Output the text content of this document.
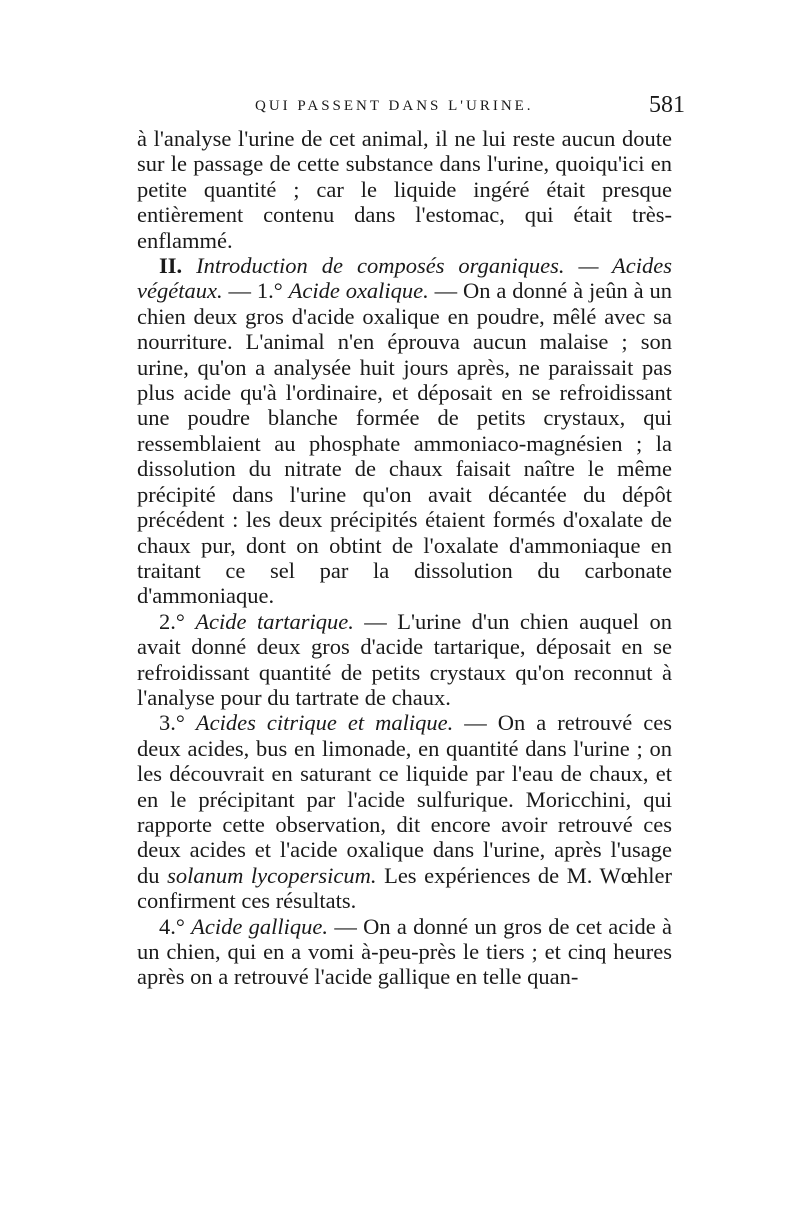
QUI PASSENT DANS L'URINE.	581

à l'analyse l'urine de cet animal, il ne lui reste aucun doute sur le passage de cette substance dans l'urine, quoiqu'ici en petite quantité ; car le liquide ingéré était presque entièrement contenu dans l'estomac, qui était très-enflammé.

II. Introduction de composés organiques. — Acides végétaux. — 1.° Acide oxalique. — On a donné à jeûn à un chien deux gros d'acide oxalique en poudre, mêlé avec sa nourriture. L'animal n'en éprouva aucun malaise ; son urine, qu'on a analysée huit jours après, ne paraissait pas plus acide qu'à l'ordinaire, et déposait en se refroidissant une poudre blanche formée de petits crystaux, qui ressemblaient au phosphate ammoniaco-magnésien ; la dissolution du nitrate de chaux faisait naître le même précipité dans l'urine qu'on avait décantée du dépôt précédent : les deux précipités étaient formés d'oxalate de chaux pur, dont on obtint de l'oxalate d'ammoniaque en traitant ce sel par la dissolution du carbonate d'ammoniaque.

2.° Acide tartarique. — L'urine d'un chien auquel on avait donné deux gros d'acide tartarique, déposait en se refroidissant quantité de petits crystaux qu'on reconnut à l'analyse pour du tartrate de chaux.

3.° Acides citrique et malique. — On a retrouvé ces deux acides, bus en limonade, en quantité dans l'urine ; on les découvrait en saturant ce liquide par l'eau de chaux, et en le précipitant par l'acide sulfurique. Moricchini, qui rapporte cette observation, dit encore avoir retrouvé ces deux acides et l'acide oxalique dans l'urine, après l'usage du solanum lycopersicum. Les expériences de M. Wœhler confirment ces résultats.

4.° Acide gallique. — On a donné un gros de cet acide à un chien, qui en a vomi à-peu-près le tiers ; et cinq heures après on a retrouvé l'acide gallique en telle quan-
